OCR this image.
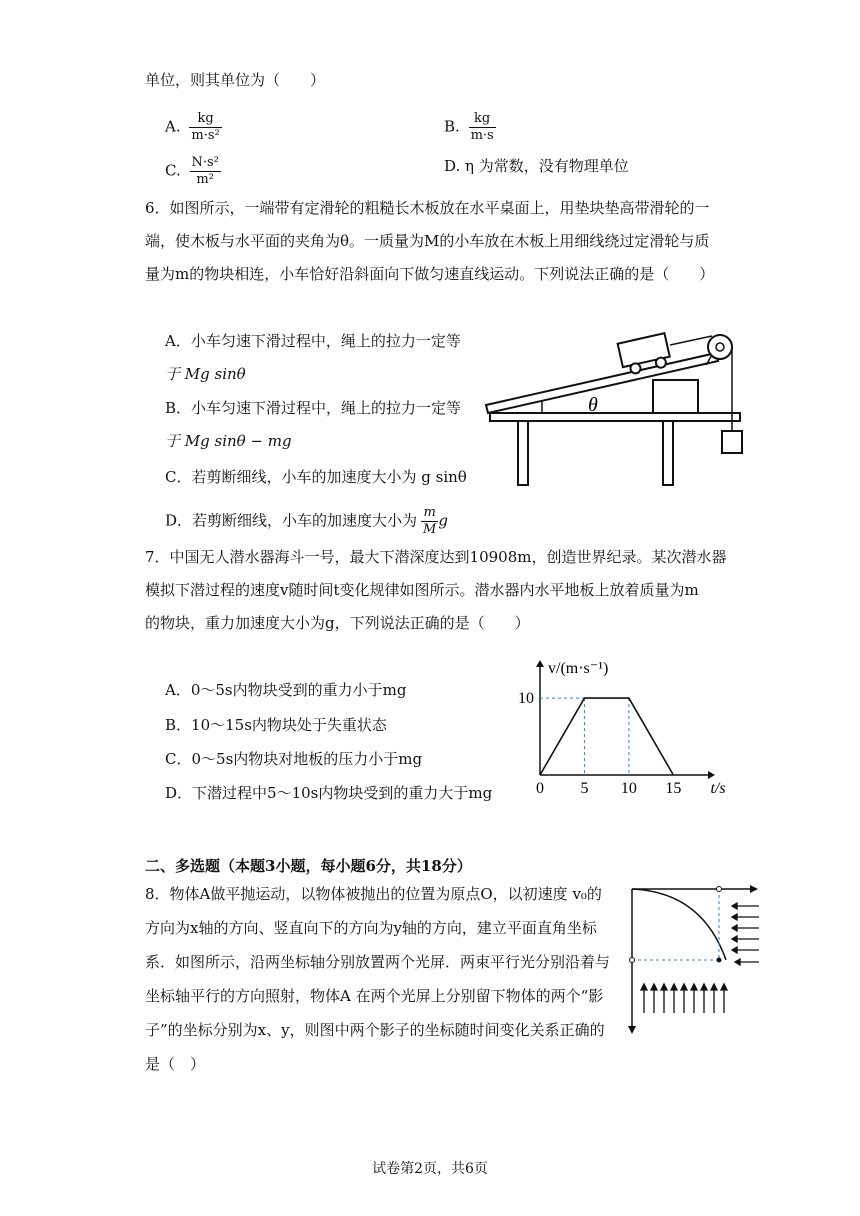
单位，则其单位为（　　）
A. $\frac{kg}{\text{m·s²}}$	B. $\frac{kg}{m\cdot s}$
C. $\frac{\text{N·s²}}{\text{m²}}$	D. η 为常数，没有物理单位
6．如图所示，一端带有定滑轮的粗糙长木板放在水平桌面上，用垫块垫高带滑轮的一
端，使木板与水平面的夹角为θ。一质量为M的小车放在木板上用细线绕过定滑轮与质
量为m的物块相连，小车恰好沿斜面向下做匀速直线运动。下列说法正确的是（　　）
A．小车匀速下滑过程中，绳上的拉力一定等
于 Mg sinθ
B．小车匀速下滑过程中，绳上的拉力一定等
于 Mg sinθ − mg
C．若剪断细线，小车的加速度大小为 g sinθ
D．若剪断细线，小车的加速度大小为 $\frac{m}{M}$ g
θ
7．中国无人潜水器海斗一号，最大下潜深度达到10908m，创造世界纪录。某次潜水器
模拟下潜过程的速度v随时间t变化规律如图所示。潜水器内水平地板上放着质量为m
的物块，重力加速度大小为g，下列说法正确的是（　　）
A．0～5s内物块受到的重力小于mg
B．10～15s内物块处于失重状态
C．0～5s内物块对地板的压力小于mg
D．下潜过程中5～10s内物块受到的重力大于mg	0 5 10 15
10
t/s
v/(m·s⁻¹)
二、多选题（本题3小题，每小题6分，共18分）
8．物体A做平抛运动，以物体被抛出的位置为原点O，以初速度 v₀的
方向为x轴的方向、竖直向下的方向为y轴的方向，建立平面直角坐标
系．如图所示，沿两坐标轴分别放置两个光屏．两束平行光分别沿着与
坐标轴平行的方向照射，物体A 在两个光屏上分别留下物体的两个“影
子”的坐标分别为x、y，则图中两个影子的坐标随时间变化关系正确的
是（　）
试卷第2页，共6页
